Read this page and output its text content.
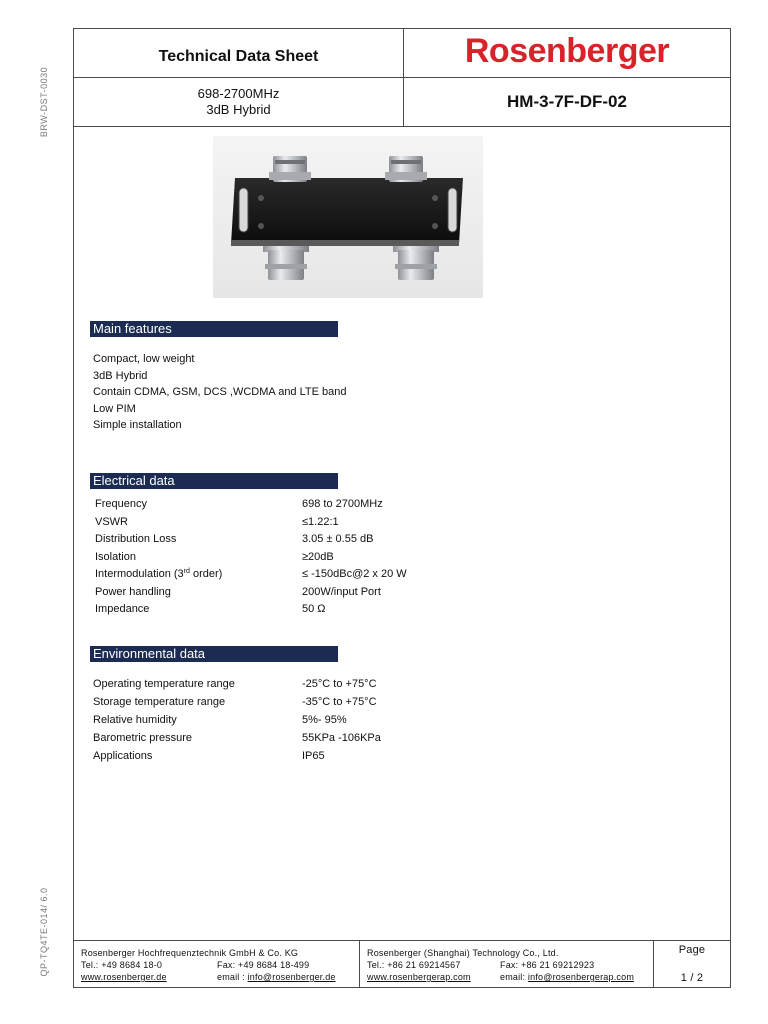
BRW-DST-0030
QP-TQ4TE-014/ 6.0
Technical Data Sheet	Rosenberger
698-2700MHz
3dB Hybrid	HM-3-7F-DF-02
Main features
Compact, low weight
3dB Hybrid
Contain CDMA, GSM, DCS ,WCDMA and LTE band
Low PIM
Simple installation
Electrical data
Frequency	698 to 2700MHz
VSWR	≤1.22:1
Distribution Loss	3.05 ± 0.55 dB
Isolation	≥20dB
Intermodulation (3rd order)	≤ -150dBc@2 x 20 W
Power handling	200W/input Port
Impedance	50 Ω
Environmental data
Operating temperature range	-25°C to +75°C
Storage temperature range	-35°C to +75°C
Relative humidity	5%- 95%
Barometric pressure	55KPa -106KPa
Applications	IP65
Rosenberger Hochfrequenztechnik GmbH & Co. KG
Tel.: +49 8684 18-0	Fax: +49 8684 18-499
www.rosenberger.de	email : info@rosenberger.de
Rosenberger (Shanghai) Technology Co., Ltd.
Tel.: +86 21 69214567	Fax: +86 21 69212923
www.rosenbergerap.com	email: info@rosenbergerap.com
Page
1 / 2
